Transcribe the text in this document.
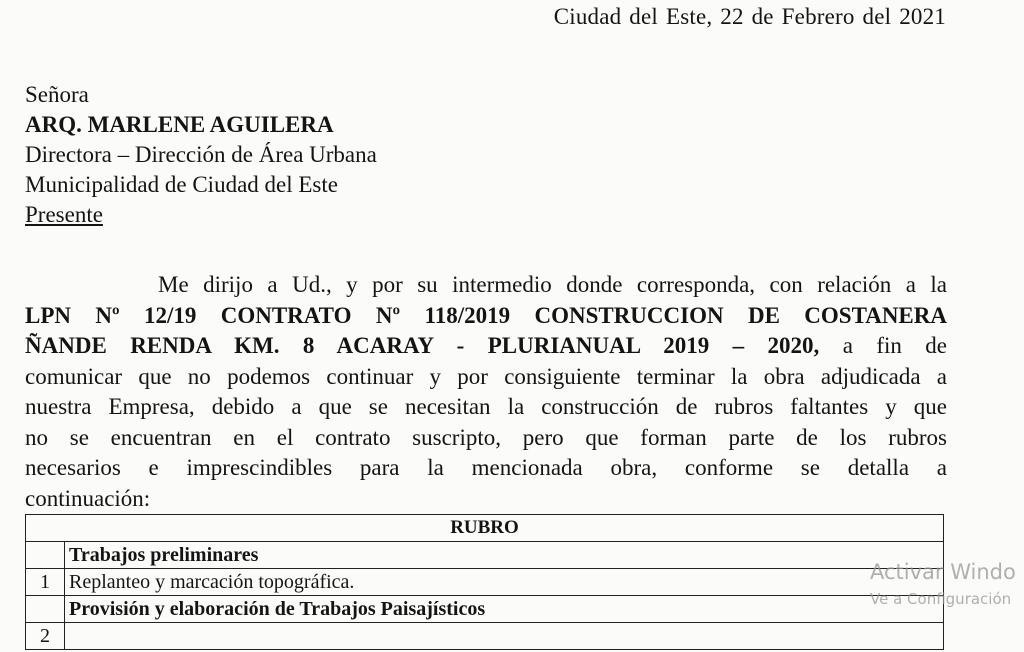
Ciudad del Este, 22 de Febrero del 2021
Señora
ARQ. MARLENE AGUILERA
Directora – Dirección de Área Urbana
Municipalidad de Ciudad del Este
Presente
Me dirijo a Ud., y por su intermedio donde corresponda, con relación a la
LPN Nº 12/19 CONTRATO Nº 118/2019 CONSTRUCCION DE COSTANERA
ÑANDE RENDA KM. 8 ACARAY - PLURIANUAL 2019 – 2020, a fin de
comunicar que no podemos continuar y por consiguiente terminar la obra adjudicada a
nuestra Empresa, debido a que se necesitan la construcción de rubros faltantes y que
no se encuentran en el contrato suscripto, pero que forman parte de los rubros
necesarios e imprescindibles para la mencionada obra, conforme se detalla a
continuación:
RUBRO	
	Trabajos preliminares
1	Replanteo y marcación topográfica.
	Provisión y elaboración de Trabajos Paisajísticos
2	
Activar Windo
Ve a Configuración
